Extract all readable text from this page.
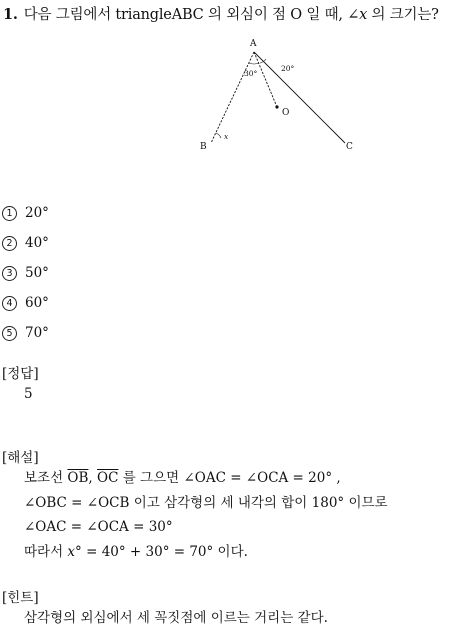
1. 다음 그림에서 triangleABC 의 외심이 점 O 일 때, ∠x 의 크기는?
A
B	C
O
30°
20°
x
1 20°
2 40°
3 50°
4 60°
5 70°
[정답]
5
[해설]
보조선 $\overline{OB}$, $\overline{OC}$ 를 그으면 ∠OAC = ∠OCA = 20° ,
∠OBC = ∠OCB 이고 삼각형의 세 내각의 합이 180° 이므로
∠OAC = ∠OCA = 30°
따라서 x° = 40° + 30° = 70° 이다.
[힌트]
삼각형의 외심에서 세 꼭짓점에 이르는 거리는 같다.
